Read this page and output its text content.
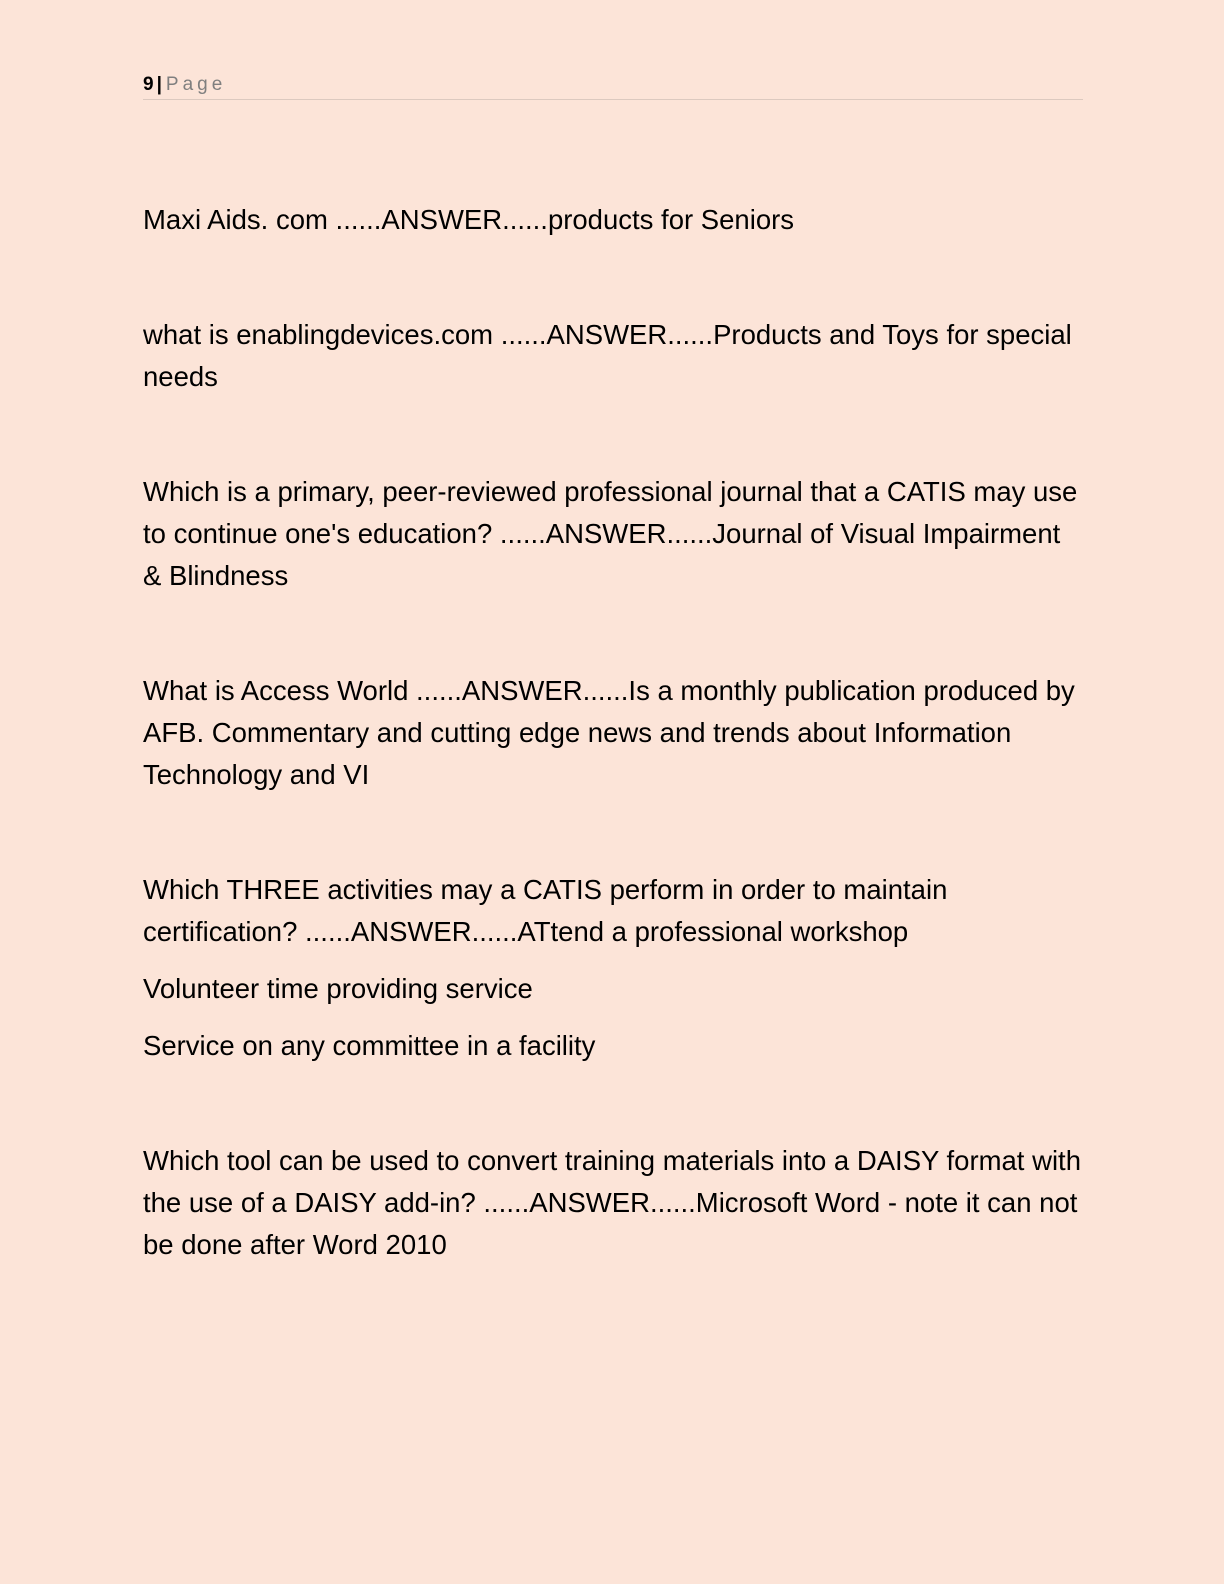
9 | Page

Maxi Aids. com ......ANSWER......products for Seniors

what is enablingdevices.com ......ANSWER......Products and Toys for special needs

Which is a primary, peer-reviewed professional journal that a CATIS may use to continue one's education? ......ANSWER......Journal of Visual Impairment & Blindness

What is Access World ......ANSWER......Is a monthly publication produced by AFB. Commentary and cutting edge news and trends about Information Technology and VI

Which THREE activities may a CATIS perform in order to maintain certification? ......ANSWER......ATtend a professional workshop

Volunteer time providing service

Service on any committee in a facility

Which tool can be used to convert training materials into a DAISY format with the use of a DAISY add-in? ......ANSWER......Microsoft Word - note it can not be done after Word 2010
